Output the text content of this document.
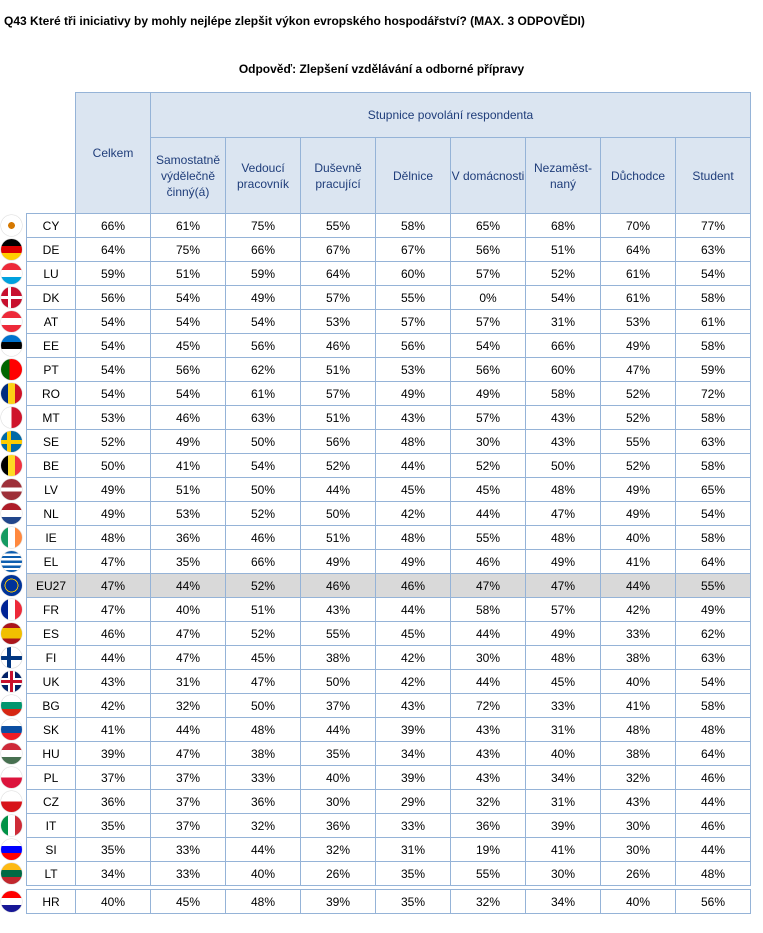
Q43 Které tři iniciativy by mohly nejlépe zlepšit výkon evropského hospodářství? (MAX. 3 ODPOVĚDI)
Odpověď: Zlepšení vzdělávání a odborné přípravy
	Celkem	Stupnice povolání respondenta							
		Samostatně výdělečně činný(á)	Vedoucí pracovník	Duševně pracující	Dělnice	V domácnosti	Nezaměst-naný	Důchodce	Student
CY	66%	61%	75%	55%	58%	65%	68%	70%	77%
DE	64%	75%	66%	67%	67%	56%	51%	64%	63%
LU	59%	51%	59%	64%	60%	57%	52%	61%	54%
DK	56%	54%	49%	57%	55%	0%	54%	61%	58%
AT	54%	54%	54%	53%	57%	57%	31%	53%	61%
EE	54%	45%	56%	46%	56%	54%	66%	49%	58%
PT	54%	56%	62%	51%	53%	56%	60%	47%	59%
RO	54%	54%	61%	57%	49%	49%	58%	52%	72%
MT	53%	46%	63%	51%	43%	57%	43%	52%	58%
SE	52%	49%	50%	56%	48%	30%	43%	55%	63%
BE	50%	41%	54%	52%	44%	52%	50%	52%	58%
LV	49%	51%	50%	44%	45%	45%	48%	49%	65%
NL	49%	53%	52%	50%	42%	44%	47%	49%	54%
IE	48%	36%	46%	51%	48%	55%	48%	40%	58%
EL	47%	35%	66%	49%	49%	46%	49%	41%	64%
EU27	47%	44%	52%	46%	46%	47%	47%	44%	55%
FR	47%	40%	51%	43%	44%	58%	57%	42%	49%
ES	46%	47%	52%	55%	45%	44%	49%	33%	62%
FI	44%	47%	45%	38%	42%	30%	48%	38%	63%
UK	43%	31%	47%	50%	42%	44%	45%	40%	54%
BG	42%	32%	50%	37%	43%	72%	33%	41%	58%
SK	41%	44%	48%	44%	39%	43%	31%	48%	48%
HU	39%	47%	38%	35%	34%	43%	40%	38%	64%
PL	37%	37%	33%	40%	39%	43%	34%	32%	46%
CZ	36%	37%	36%	30%	29%	32%	31%	43%	44%
IT	35%	37%	32%	36%	33%	36%	39%	30%	46%
SI	35%	33%	44%	32%	31%	19%	41%	30%	44%
LT	34%	33%	40%	26%	35%	55%	30%	26%	48%

HR	40%	45%	48%	39%	35%	32%	34%	40%	56%
